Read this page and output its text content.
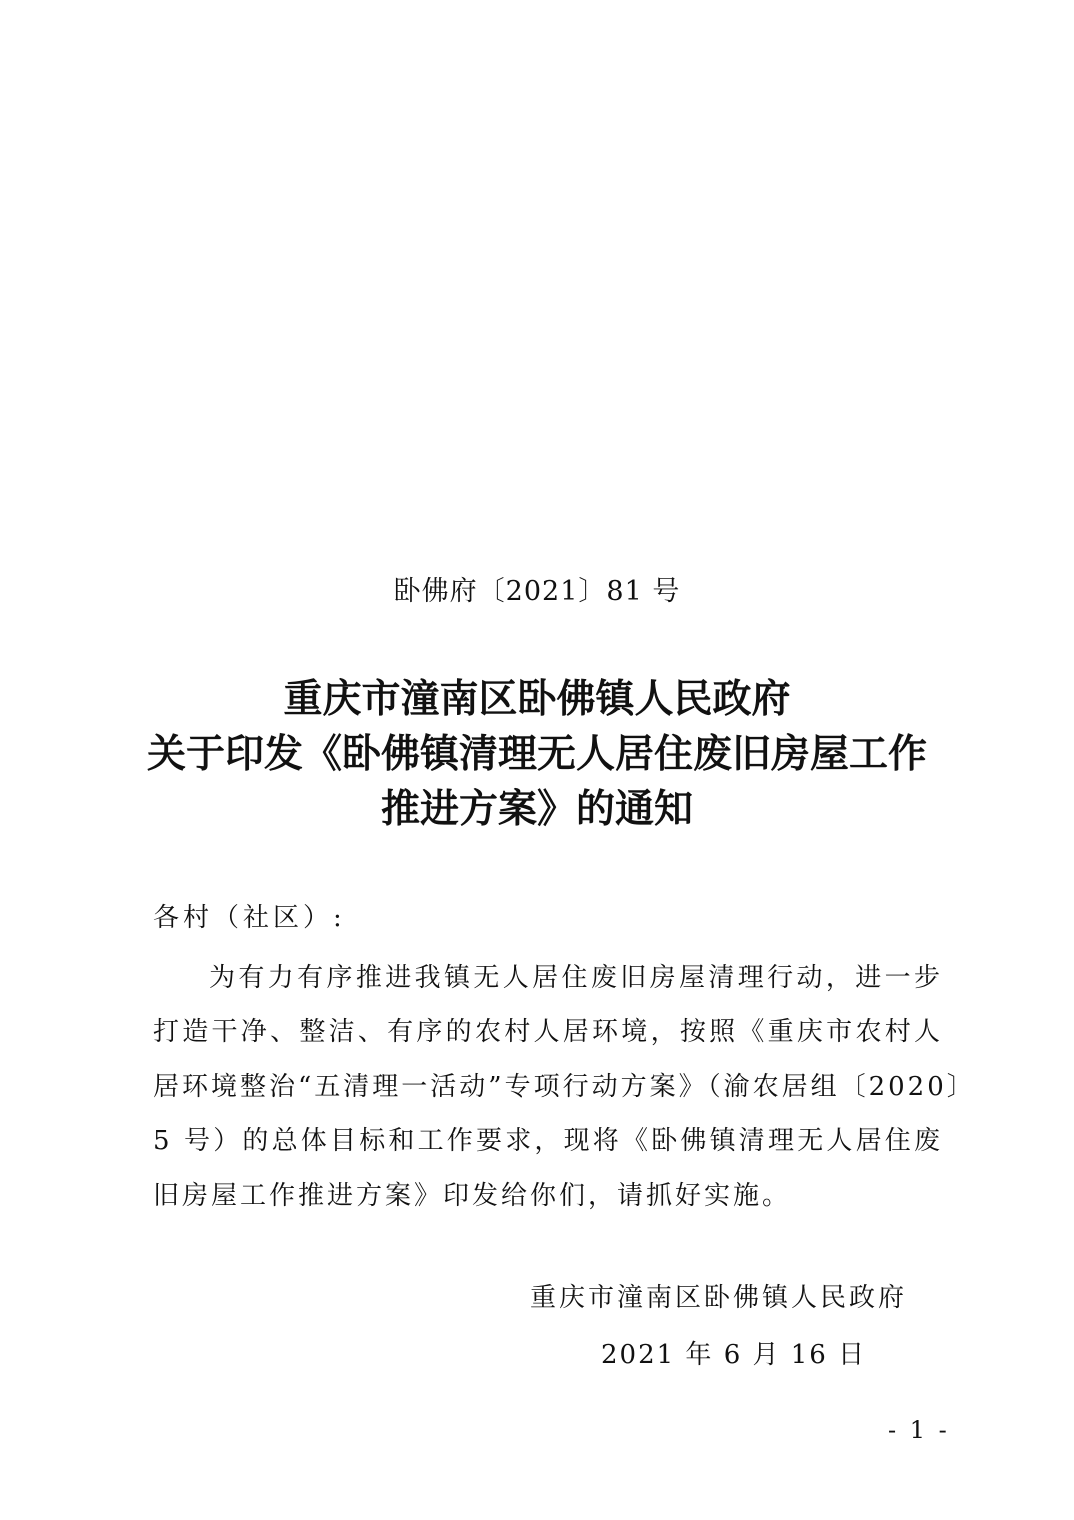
卧佛府〔2021〕81 号
重庆市潼南区卧佛镇人民政府
关于印发《卧佛镇清理无人居住废旧房屋工作
推进方案》的通知
各村（社区）:
为有力有序推进我镇无人居住废旧房屋清理行动，进一步
打造干净、整洁、有序的农村人居环境，按照《重庆市农村人
居环境整治“五清理一活动”专项行动方案》（渝农居组〔2020〕
5 号）的总体目标和工作要求，现将《卧佛镇清理无人居住废
旧房屋工作推进方案》印发给你们，请抓好实施。
重庆市潼南区卧佛镇人民政府
2021 年 6 月 16 日
- 1 -
